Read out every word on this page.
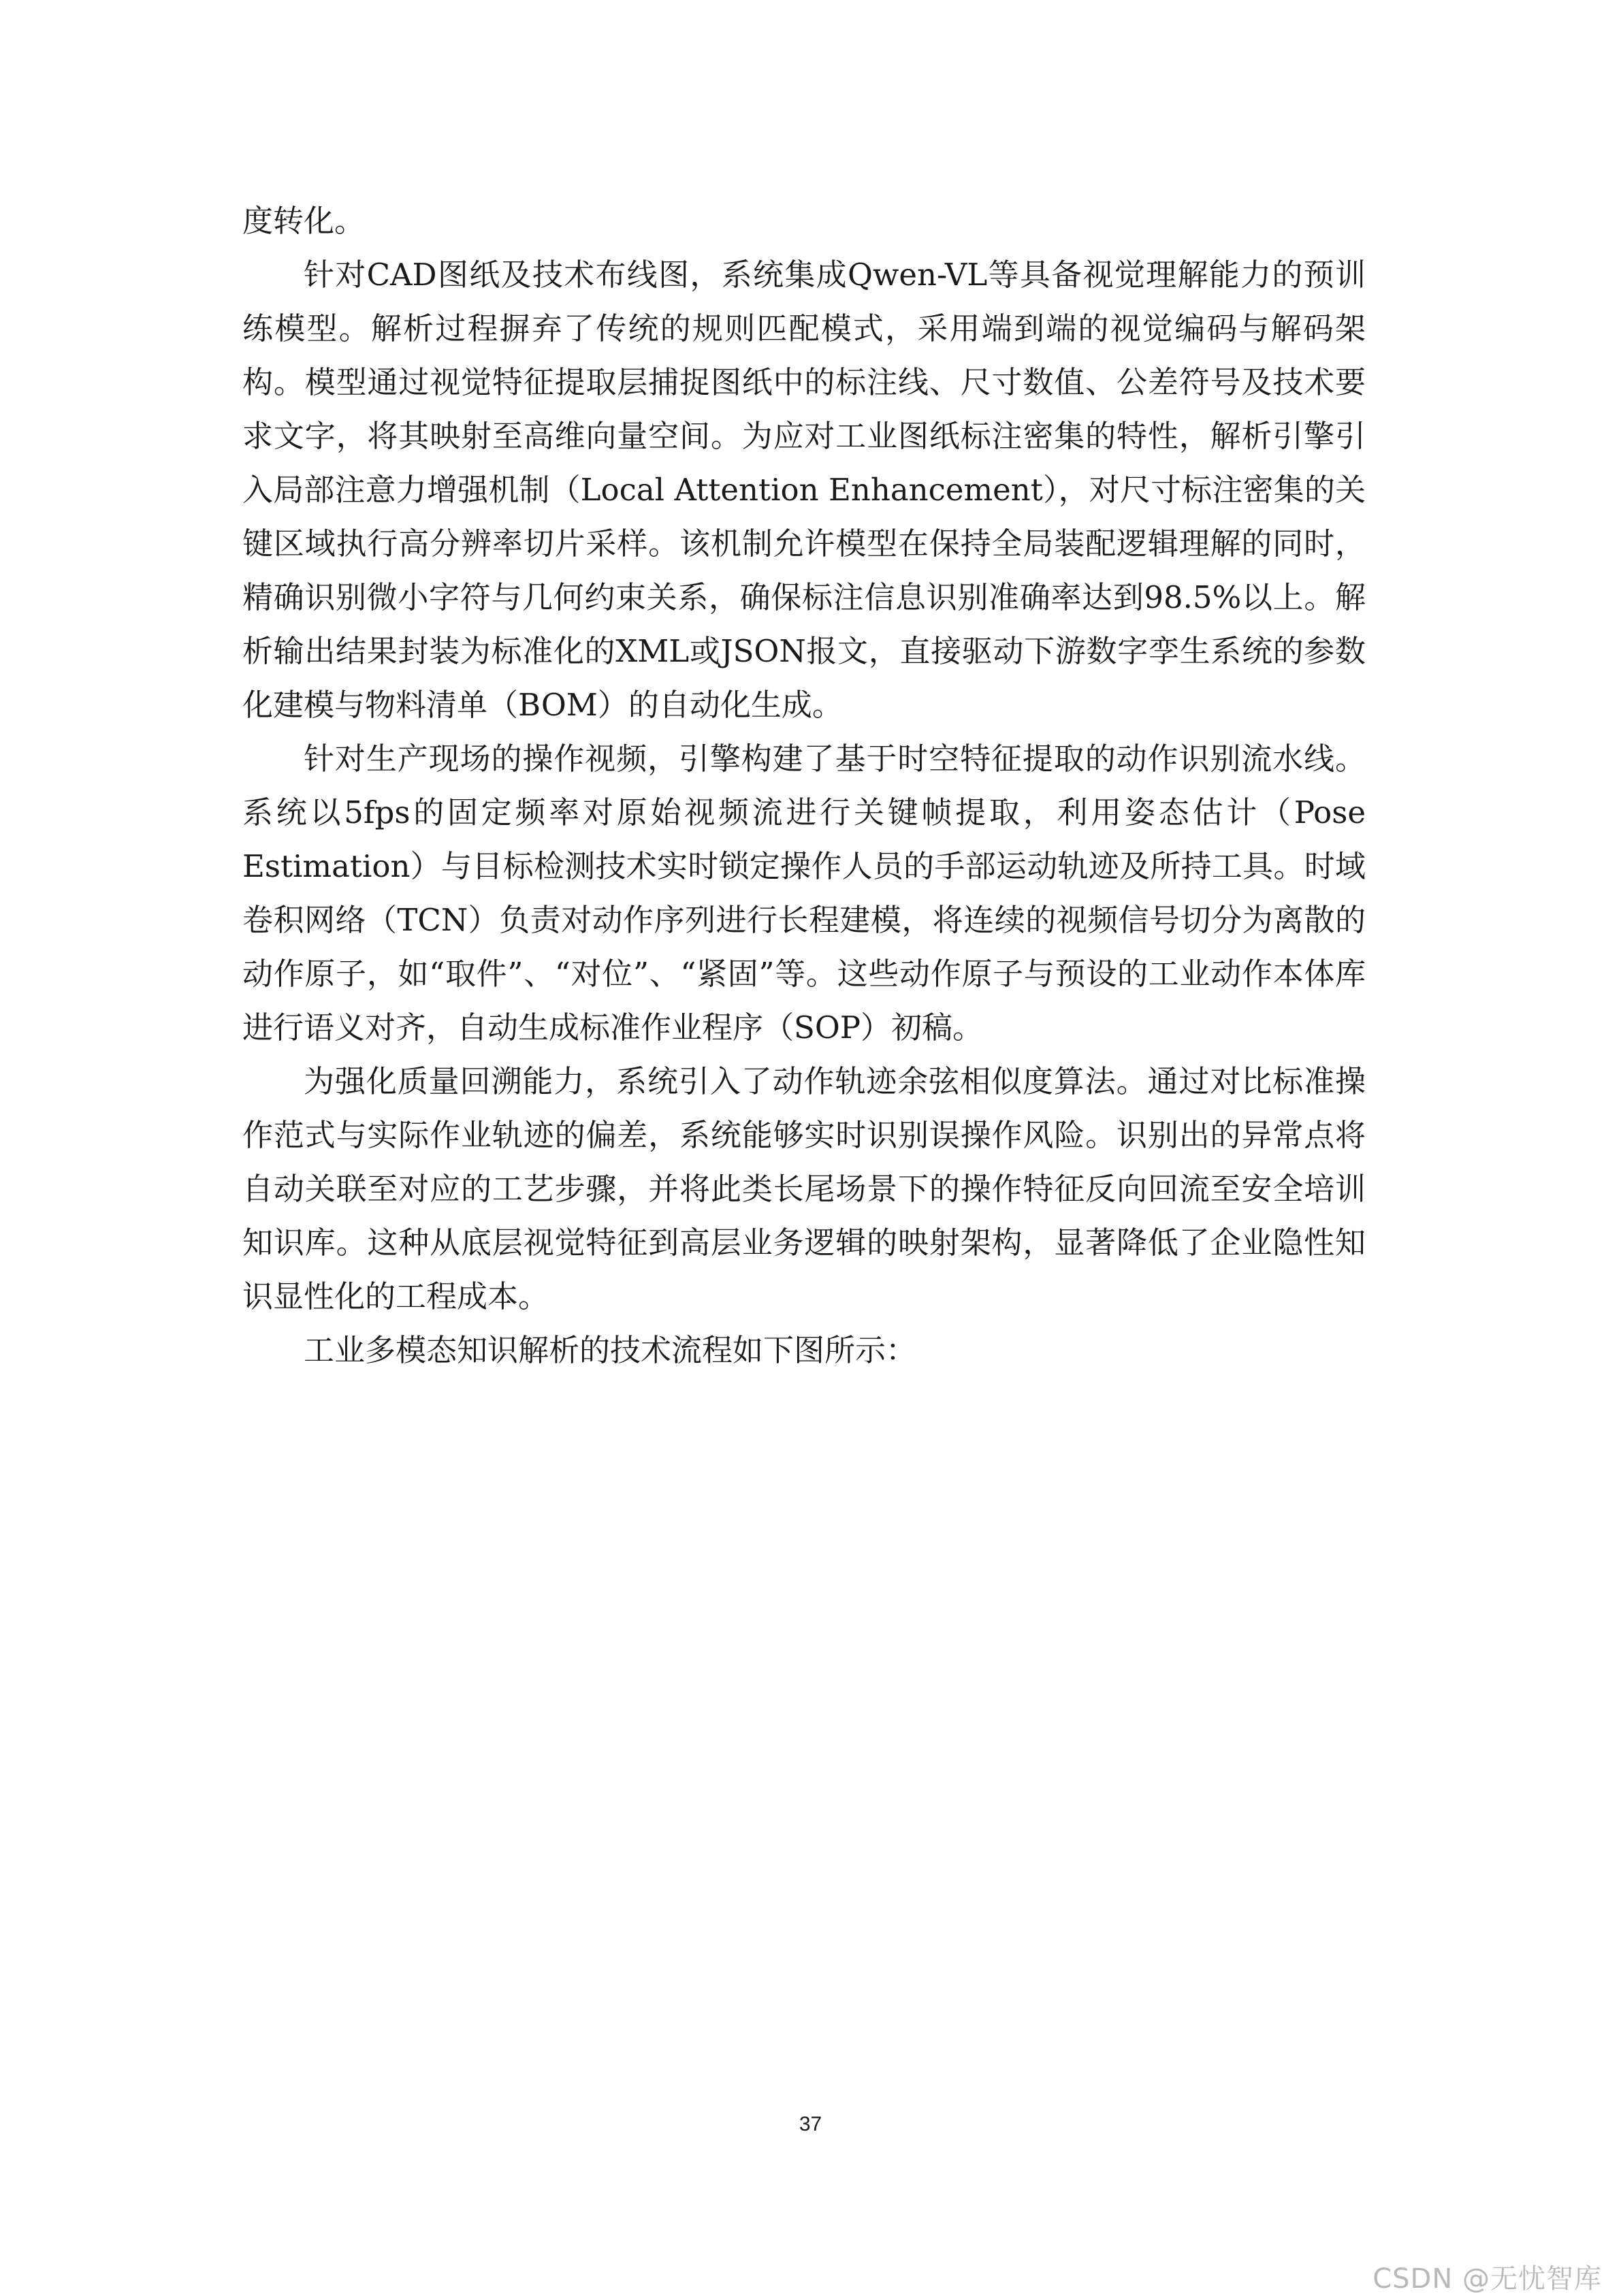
度转化。

针对CAD图纸及技术布线图，系统集成Qwen-VL等具备视觉理解能力的预训练模型。解析过程摒弃了传统的规则匹配模式，采用端到端的视觉编码与解码架构。模型通过视觉特征提取层捕捉图纸中的标注线、尺寸数值、公差符号及技术要求文字，将其映射至高维向量空间。为应对工业图纸标注密集的特性，解析引擎引入局部注意力增强机制（Local Attention Enhancement），对尺寸标注密集的关键区域执行高分辨率切片采样。该机制允许模型在保持全局装配逻辑理解的同时，精确识别微小字符与几何约束关系，确保标注信息识别准确率达到98.5%以上。解析输出结果封装为标准化的XML或JSON报文，直接驱动下游数字孪生系统的参数化建模与物料清单（BOM）的自动化生成。

针对生产现场的操作视频，引擎构建了基于时空特征提取的动作识别流水线。系统以5fps的固定频率对原始视频流进行关键帧提取，利用姿态估计（Pose Estimation）与目标检测技术实时锁定操作人员的手部运动轨迹及所持工具。时域卷积网络（TCN）负责对动作序列进行长程建模，将连续的视频信号切分为离散的动作原子，如“取件”、“对位”、“紧固”等。这些动作原子与预设的工业动作本体库进行语义对齐，自动生成标准作业程序（SOP）初稿。

为强化质量回溯能力，系统引入了动作轨迹余弦相似度算法。通过对比标准操作范式与实际作业轨迹的偏差，系统能够实时识别误操作风险。识别出的异常点将自动关联至对应的工艺步骤，并将此类长尾场景下的操作特征反向回流至安全培训知识库。这种从底层视觉特征到高层业务逻辑的映射架构，显著降低了企业隐性知识显性化的工程成本。

工业多模态知识解析的技术流程如下图所示：

37
CSDN @无忧智库
